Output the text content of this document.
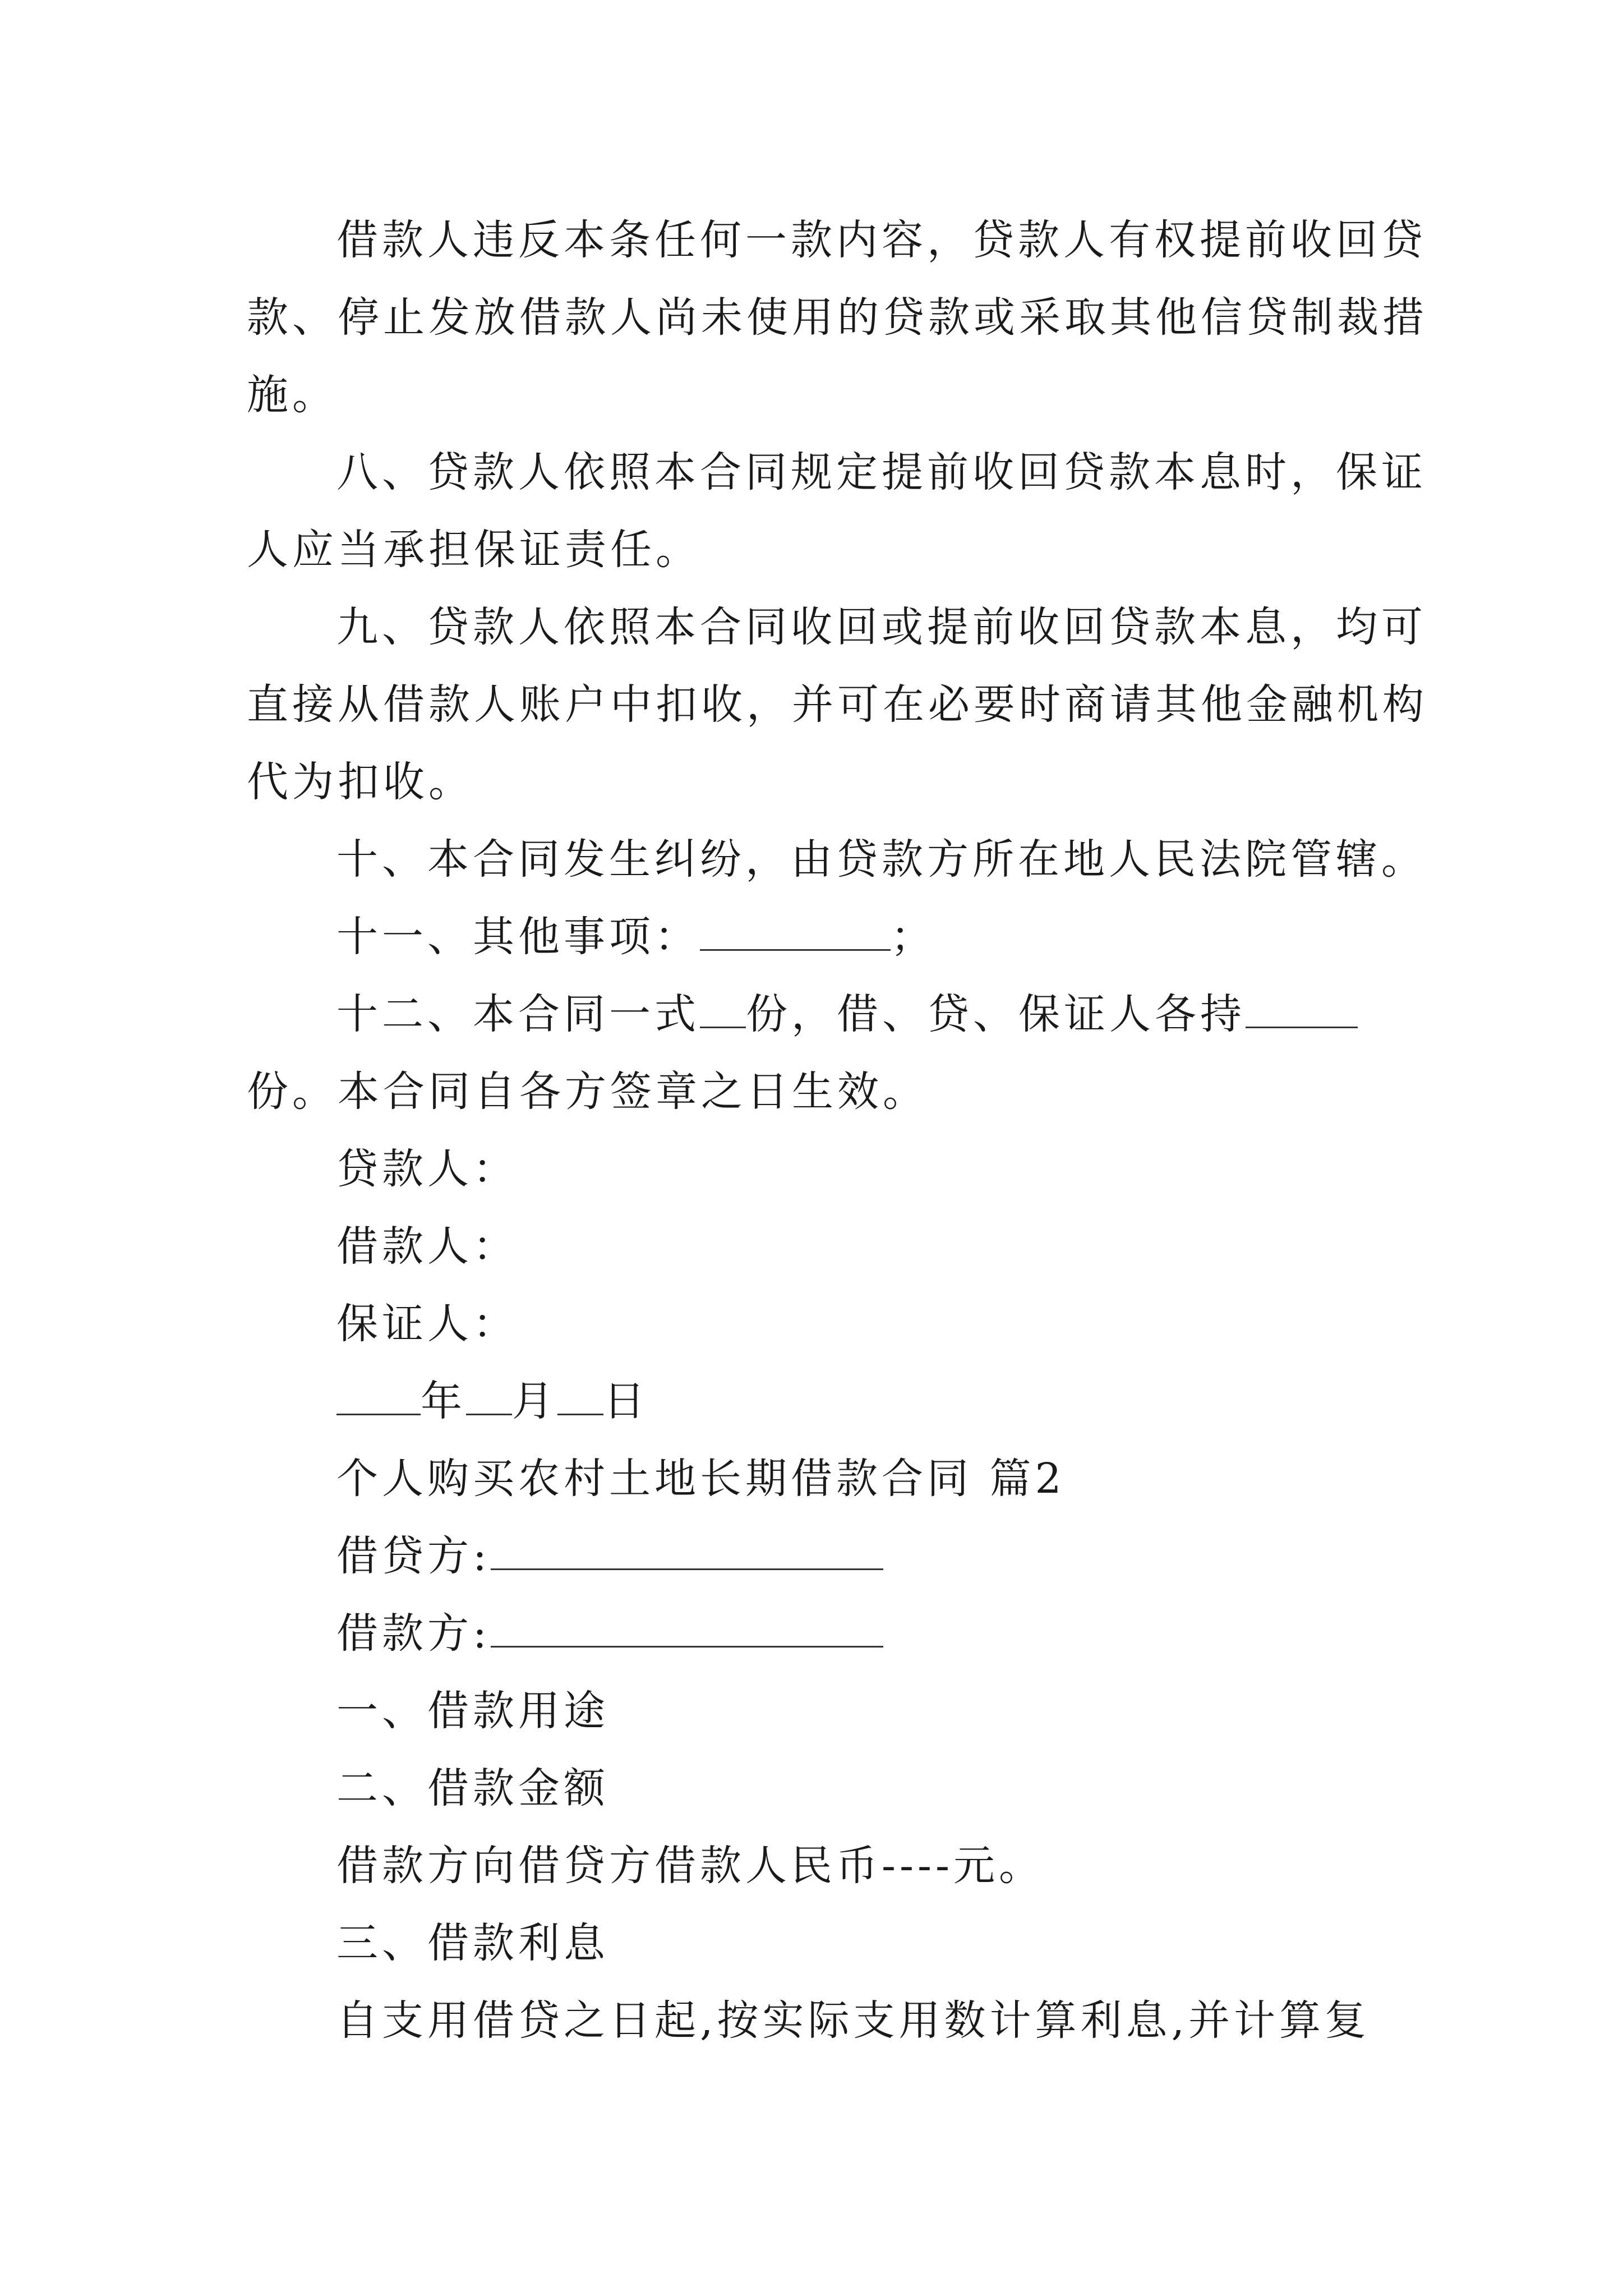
借款人违反本条任何一款内容，贷款人有权提前收回贷
款、停止发放借款人尚未使用的贷款或采取其他信贷制裁措
施。
八、贷款人依照本合同规定提前收回贷款本息时，保证
人应当承担保证责任。
九、贷款人依照本合同收回或提前收回贷款本息，均可
直接从借款人账户中扣收，并可在必要时商请其他金融机构
代为扣收。
十、本合同发生纠纷，由贷款方所在地人民法院管辖。
十一、其他事项：	；
十二、本合同一式 份，借、贷、保证人各持
份。本合同自各方签章之日生效。
贷款人：
借款人：
保证人：
年 月 日
个人购买农村土地长期借款合同 篇2
借贷方:
借款方:
一、借款用途
二、借款金额
借款方向借贷方借款人民币----元。
三、借款利息
自支用借贷之日起,按实际支用数计算利息,并计算复
